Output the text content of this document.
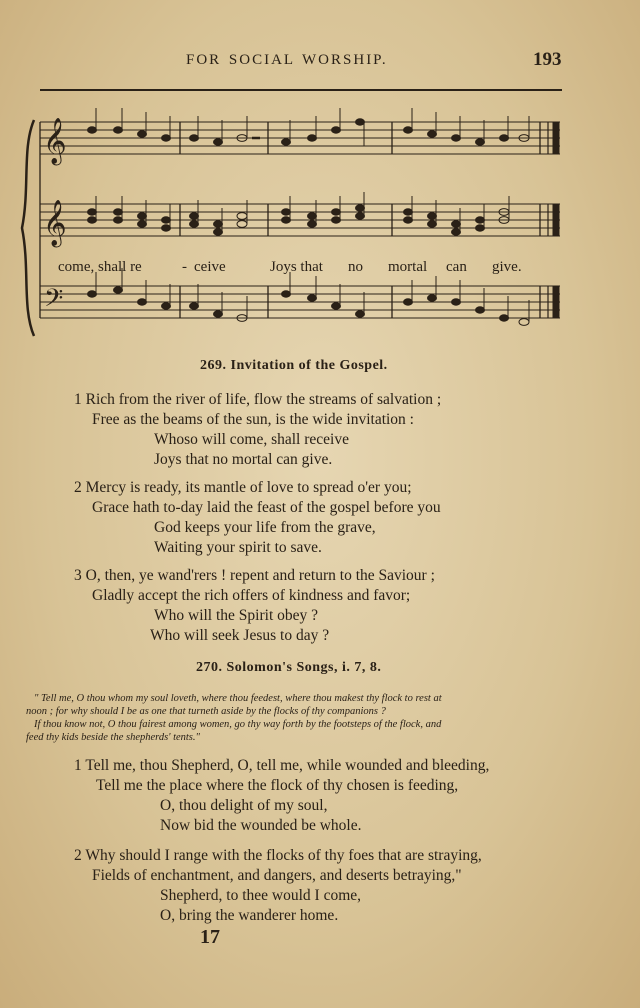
FOR SOCIAL WORSHIP.	193
𝄞
𝄞
𝄢
come, shall re	- ceive	Joys that no mortal can give.
269. Invitation of the Gospel.
1 Rich from the river of life, flow the streams of salvation ;
Free as the beams of the sun, is the wide invitation :
Whoso will come, shall receive
Joys that no mortal can give.
2 Mercy is ready, its mantle of love to spread o'er you;
Grace hath to-day laid the feast of the gospel before you
God keeps your life from the grave,
Waiting your spirit to save.
3 O, then, ye wand'rers ! repent and return to the Saviour ;
Gladly accept the rich offers of kindness and favor;
Who will the Spirit obey ?
Who will seek Jesus to day ?
270. Solomon's Songs, i. 7, 8.
" Tell me, O thou whom my soul loveth, where thou feedest, where thou makest thy flock to rest at
noon ; for why should I be as one that turneth aside by the flocks of thy companions ?
If thou know not, O thou fairest among women, go thy way forth by the footsteps of the flock, and
feed thy kids beside the shepherds' tents."
1 Tell me, thou Shepherd, O, tell me, while wounded and bleeding,
Tell me the place where the flock of thy chosen is feeding,
O, thou delight of my soul,
Now bid the wounded be whole.
2 Why should I range with the flocks of thy foes that are straying,
Fields of enchantment, and dangers, and deserts betraying,"
Shepherd, to thee would I come,
O, bring the wanderer home.
17
